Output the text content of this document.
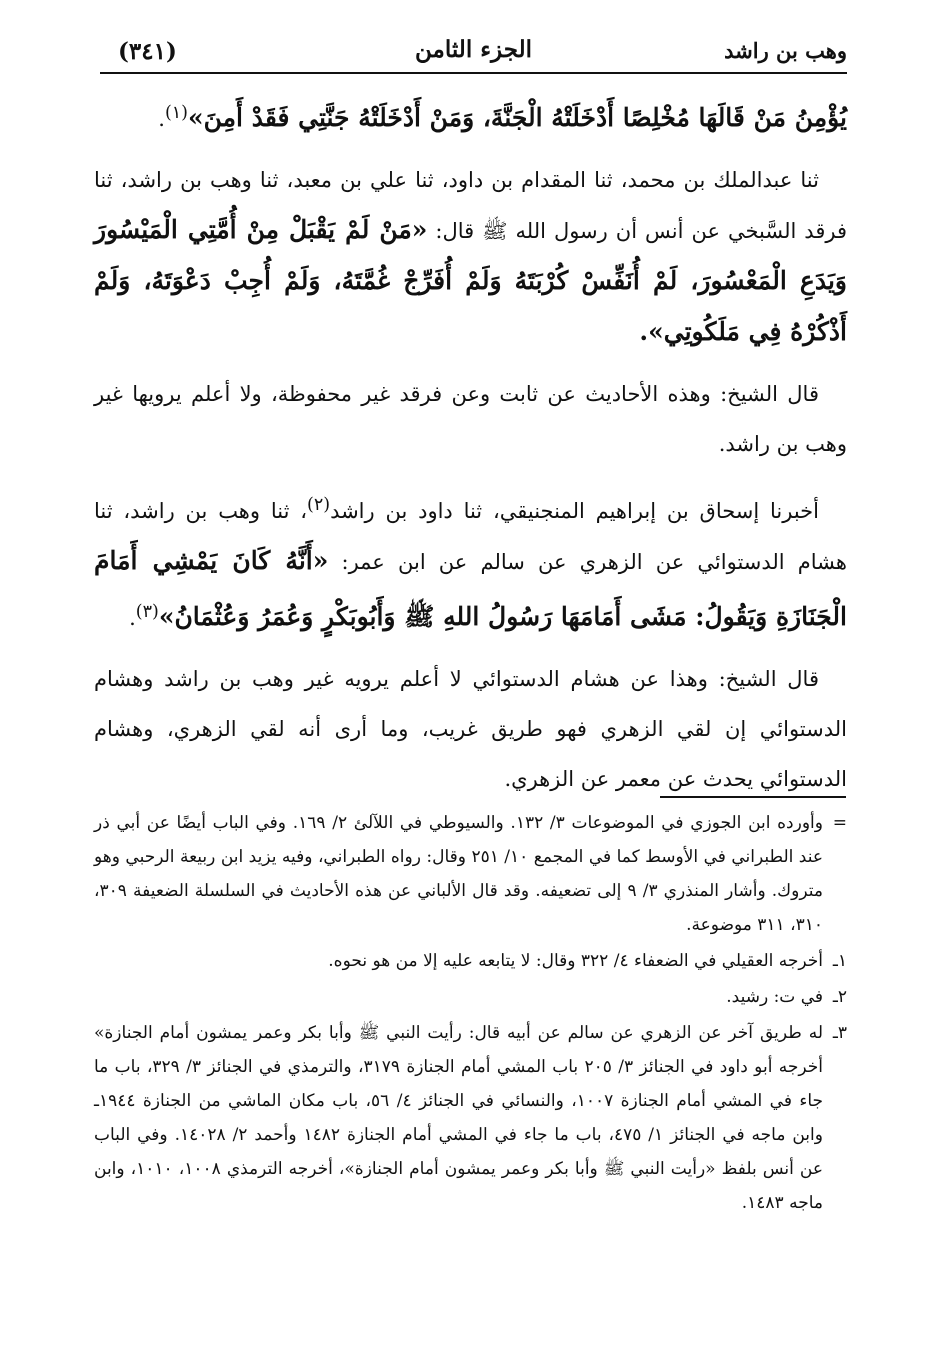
وهب بن راشد
الجزء الثامن
(٣٤١)

يُؤْمِنُ مَنْ قَالَهَا مُخْلِصًا أَدْخَلَتْهُ الْجَنَّةَ، وَمَنْ أَدْخَلَتْهُ جَنَّتِي فَقَدْ أَمِنَ»$^{(١)}$.

ثنا عبدالملك بن محمد، ثنا المقدام بن داود، ثنا علي بن معبد، ثنا وهب بن راشد، ثنا فرقد السَّبخي عن أنس أن رسول الله ﷺ قال: «مَنْ لَمْ يَقْبَلْ مِنْ أُمَّتِي الْمَيْسُورَ وَيَدَعِ الْمَعْسُورَ، لَمْ أُنَفِّسْ كُرْبَتَهُ وَلَمْ أُفَرِّجْ غُمَّتَهُ، وَلَمْ أُجِبْ دَعْوَتَهُ، وَلَمْ أَذْكُرْهُ فِي مَلَكُوتِي».

قال الشيخ: وهذه الأحاديث عن ثابت وعن فرقد غير محفوظة، ولا أعلم يرويها غير وهب بن راشد.

أخبرنا إسحاق بن إبراهيم المنجنيقي، ثنا داود بن راشد$^{(٢)}$، ثنا وهب بن راشد، ثنا هشام الدستوائي عن الزهري عن سالم عن ابن عمر: «أَنَّهُ كَانَ يَمْشِي أَمَامَ الْجَنَازَةِ وَيَقُولُ: مَشَى أَمَامَهَا رَسُولُ اللهِ ﷺ وَأَبُوبَكْرٍ وَعُمَرُ وَعُثْمَانُ»$^{(٣)}$.

قال الشيخ: وهذا عن هشام الدستوائي لا أعلم يرويه غير وهب بن راشد وهشام الدستوائي إن لقي الزهري فهو طريق غريب، وما أرى أنه لقي الزهري، وهشام الدستوائي يحدث عن معمر عن الزهري.

=
وأورده ابن الجوزي في الموضوعات ٣/ ١٣٢. والسيوطي في اللآلئ ٢/ ١٦٩. وفي الباب أيضًا عن أبي ذر عند الطبراني في الأوسط كما في المجمع ١٠/ ٢٥١ وقال: رواه الطبراني، وفيه يزيد ابن ربيعة الرحبي وهو متروك. وأشار المنذري ٣/ ٩ إلى تضعيفه. وقد قال الألباني عن هذه الأحاديث في السلسلة الضعيفة ٣٠٩، ٣١٠، ٣١١ موضوعة.

١ـ
أخرجه العقيلي في الضعفاء ٤/ ٣٢٢ وقال: لا يتابعه عليه إلا من هو نحوه.

٢ـ
في ت: رشيد.

٣ـ
له طريق آخر عن الزهري عن سالم عن أبيه قال: رأيت النبي ﷺ وأبا بكر وعمر يمشون أمام الجنازة» أخرجه أبو داود في الجنائز ٣/ ٢٠٥ باب المشي أمام الجنازة ٣١٧٩، والترمذي في الجنائز ٣/ ٣٢٩، باب ما جاء في المشي أمام الجنازة ١٠٠٧، والنسائي في الجنائز ٤/ ٥٦، باب مكان الماشي من الجنازة ١٩٤٤ـ وابن ماجه في الجنائز ١/ ٤٧٥، باب ما جاء في المشي أمام الجنازة ١٤٨٢ وأحمد ٢/ ١٤٠٢٨. وفي الباب عن أنس بلفظ «رأيت النبي ﷺ وأبا بكر وعمر يمشون أمام الجنازة»، أخرجه الترمذي ١٠٠٨، ١٠١٠، وابن ماجه ١٤٨٣.
